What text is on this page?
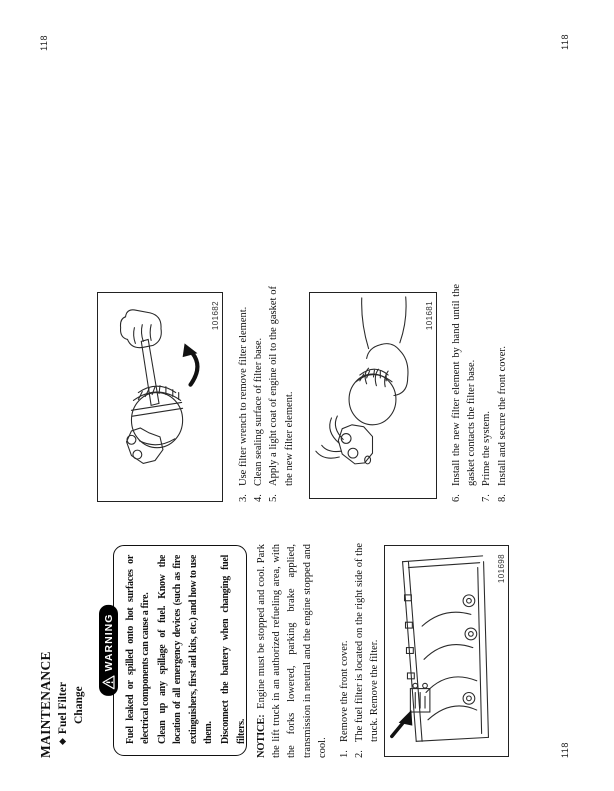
118
118
118
MAINTENANCE ◆Fuel Filter Change
WARNING Fuel leaked or spilled onto hot surfaces or electrical components can cause a fire. Clean up any spillage of fuel. Know the location of all emergency devices (such as fire extinguishers, first aid kits, etc.) and how to use them. Disconnect the battery when changing fuel filters. NOTICE:  Engine must be stopped and cool. Park the lift truck in an authorized refueling area, with the forks lowered, parking brake applied, transmission in neutral and the engine stopped and cool. 1.Remove the front cover.
2.The fuel filter is located on the right side of the truck. Remove the filter.
101698
101682
3.Use filter wrench to remove filter element.
4.Clean sealing surface of filter base.
5.Apply a light coat of engine oil to the gasket of the new filter element.
101681
6.Install the new filter element by hand until the gasket contacts the filter base.
7.Prime the system.
8.Install and secure the front cover.
